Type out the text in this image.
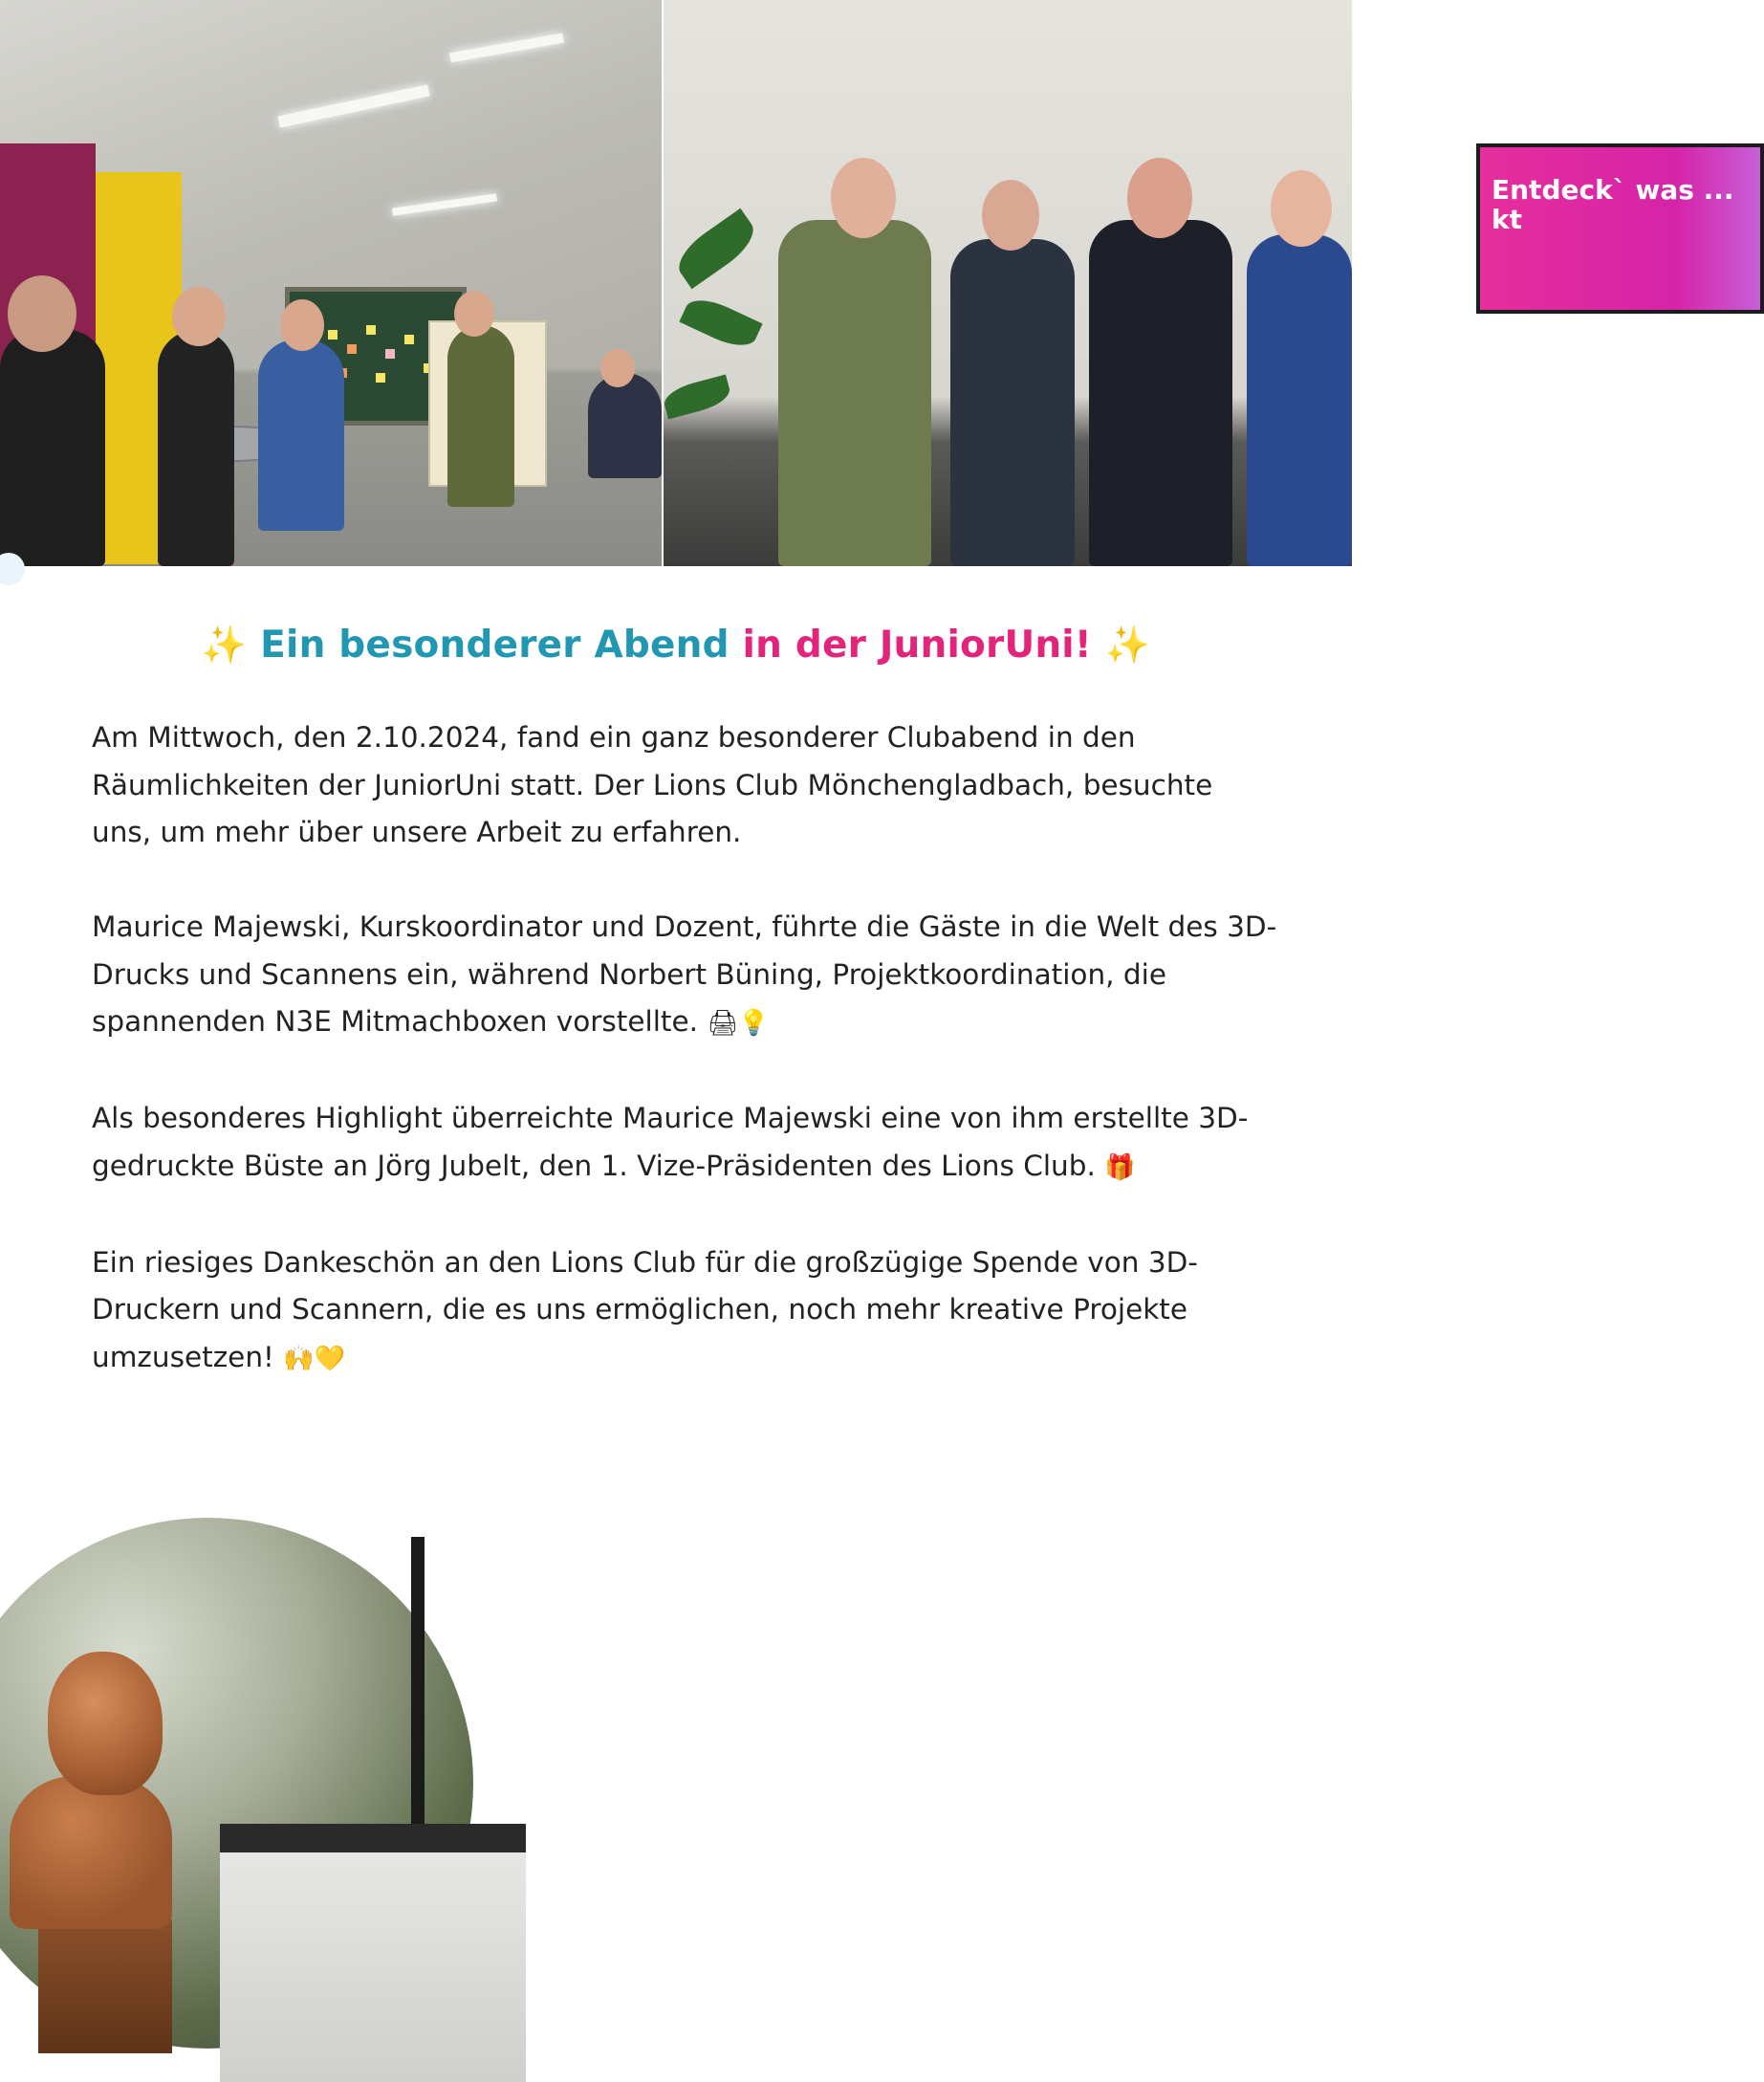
Entdeck` was ... kt
✨ Ein besonderer Abend in der JuniorUni! ✨

Am Mittwoch, den 2.10.2024, fand ein ganz besonderer Clubabend in den Räumlichkeiten der JuniorUni statt. Der Lions Club Mönchengladbach, besuchte uns, um mehr über unsere Arbeit zu erfahren.

Maurice Majewski, Kurskoordinator und Dozent, führte die Gäste in die Welt des 3D-Drucks und Scannens ein, während Norbert Büning, Projektkoordination, die spannenden N3E Mitmachboxen vorstellte. 🖨💡

Als besonderes Highlight überreichte Maurice Majewski eine von ihm erstellte 3D-gedruckte Büste an Jörg Jubelt, den 1. Vize-Präsidenten des Lions Club. 🎁

Ein riesiges Dankeschön an den Lions Club für die großzügige Spende von 3D-Druckern und Scannern, die es uns ermöglichen, noch mehr kreative Projekte umzusetzen! 🙌💛
